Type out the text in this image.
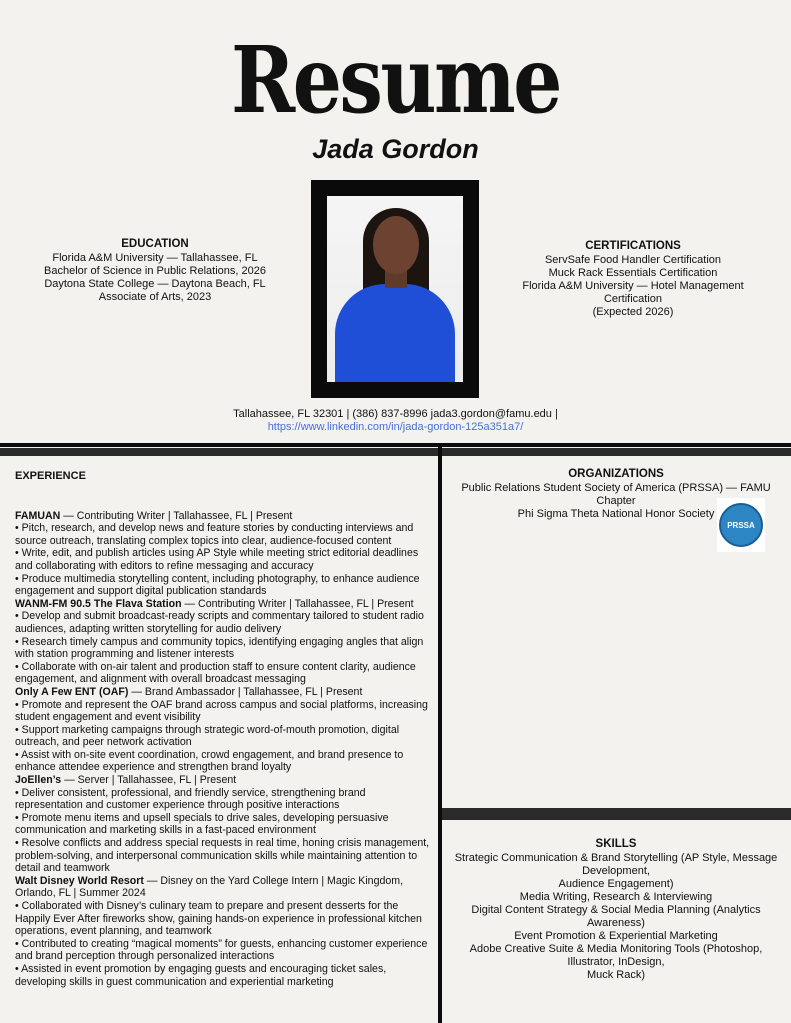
Resume
Jada Gordon
EDUCATION
Florida A&M University — Tallahassee, FL
Bachelor of Science in Public Relations, 2026
Daytona State College — Daytona Beach, FL
Associate of Arts, 2023
CERTIFICATIONS
ServSafe Food Handler Certification
Muck Rack Essentials Certification
Florida A&M University — Hotel Management Certification
(Expected 2026)
Tallahassee, FL 32301 | (386) 837-8996 jada3.gordon@famu.edu |
https://www.linkedin.com/in/jada-gordon-125a351a7/
EXPERIENCE
FAMUAN — Contributing Writer | Tallahassee, FL | Present
• Pitch, research, and develop news and feature stories by conducting interviews and source outreach, translating complex topics into clear, audience-focused content
• Write, edit, and publish articles using AP Style while meeting strict editorial deadlines and collaborating with editors to refine messaging and accuracy
• Produce multimedia storytelling content, including photography, to enhance audience engagement and support digital publication standards
WANM-FM 90.5 The Flava Station — Contributing Writer | Tallahassee, FL | Present
• Develop and submit broadcast-ready scripts and commentary tailored to student radio audiences, adapting written storytelling for audio delivery
• Research timely campus and community topics, identifying engaging angles that align with station programming and listener interests
• Collaborate with on-air talent and production staff to ensure content clarity, audience engagement, and alignment with overall broadcast messaging
Only A Few ENT (OAF) — Brand Ambassador | Tallahassee, FL | Present
• Promote and represent the OAF brand across campus and social platforms, increasing student engagement and event visibility
• Support marketing campaigns through strategic word-of-mouth promotion, digital outreach, and peer network activation
• Assist with on-site event coordination, crowd engagement, and brand presence to enhance attendee experience and strengthen brand loyalty
JoEllen’s — Server | Tallahassee, FL | Present
• Deliver consistent, professional, and friendly service, strengthening brand representation and customer experience through positive interactions
• Promote menu items and upsell specials to drive sales, developing persuasive communication and marketing skills in a fast-paced environment
• Resolve conflicts and address special requests in real time, honing crisis management, problem-solving, and interpersonal communication skills while maintaining attention to detail and teamwork
Walt Disney World Resort — Disney on the Yard College Intern | Magic Kingdom, Orlando, FL | Summer 2024
• Collaborated with Disney’s culinary team to prepare and present desserts for the Happily Ever After fireworks show, gaining hands-on experience in professional kitchen operations, event planning, and teamwork
• Contributed to creating “magical moments” for guests, enhancing customer experience and brand perception through personalized interactions
• Assisted in event promotion by engaging guests and encouraging ticket sales, developing skills in guest communication and experiential marketing
ORGANIZATIONS
Public Relations Student Society of America (PRSSA) — FAMU Chapter
Phi Sigma Theta National Honor Society
PRSSA
SKILLS
Strategic Communication & Brand Storytelling (AP Style, Message Development,
Audience Engagement)
Media Writing, Research & Interviewing
Digital Content Strategy & Social Media Planning (Analytics Awareness)
Event Promotion & Experiential Marketing
Adobe Creative Suite & Media Monitoring Tools (Photoshop, Illustrator, InDesign,
Muck Rack)
